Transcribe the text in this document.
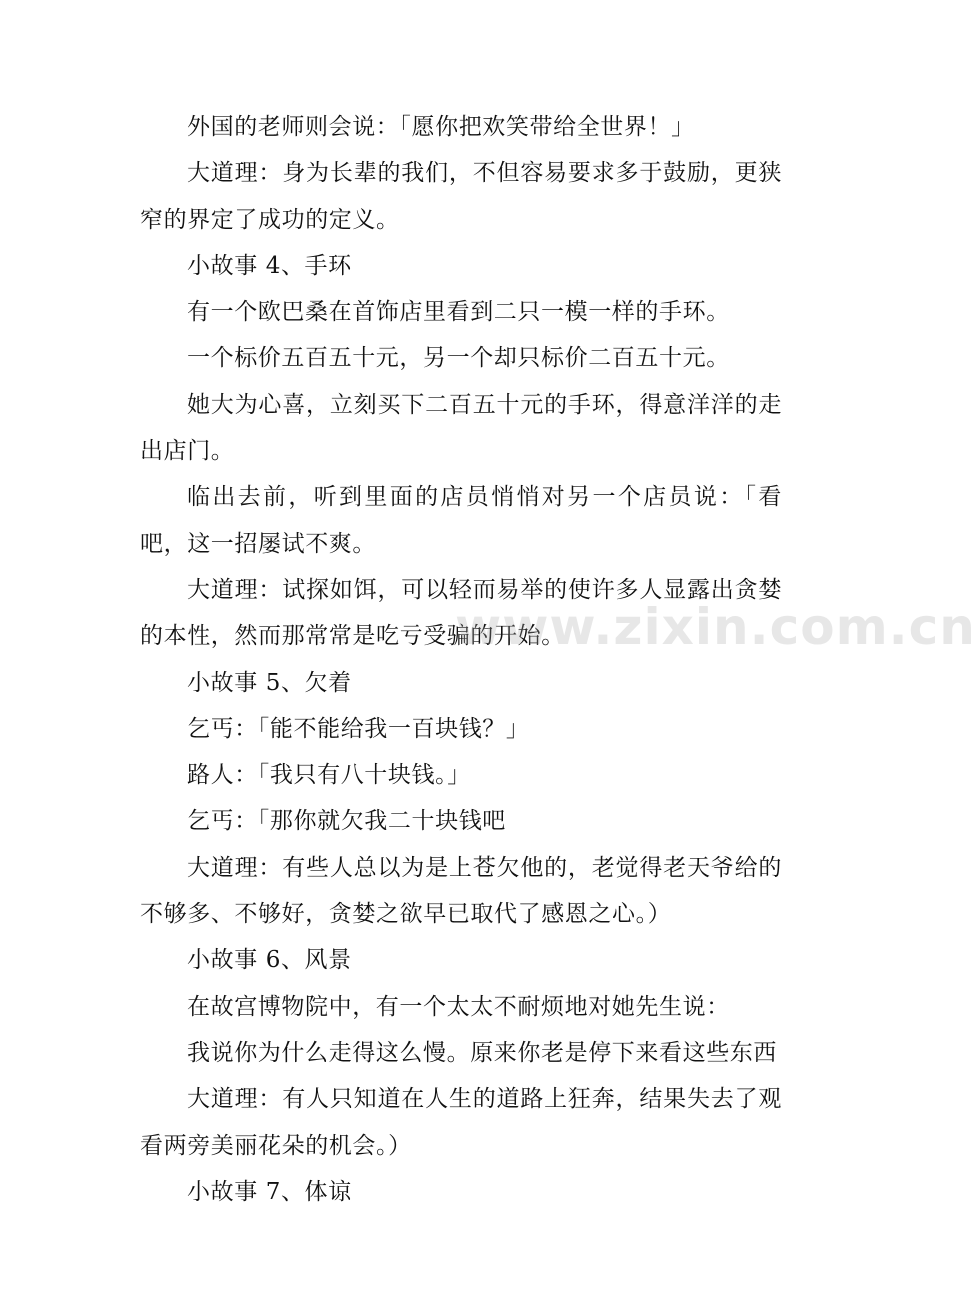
外国的老师则会说：「愿你把欢笑带给全世界！」

大道理：身为长辈的我们，不但容易要求多于鼓励，更狭窄的界定了成功的定义。

小故事 4、手环

有一个欧巴桑在首饰店里看到二只一模一样的手环。

一个标价五百五十元，另一个却只标价二百五十元。

她大为心喜，立刻买下二百五十元的手环，得意洋洋的走出店门。

临出去前，听到里面的店员悄悄对另一个店员说：「看吧，这一招屡试不爽。

大道理：试探如饵，可以轻而易举的使许多人显露出贪婪的本性，然而那常常是吃亏受骗的开始。

小故事 5、欠着

乞丐：「能不能给我一百块钱？」

路人：「我只有八十块钱。」

乞丐：「那你就欠我二十块钱吧

大道理：有些人总以为是上苍欠他的，老觉得老天爷给的不够多、不够好，贪婪之欲早已取代了感恩之心。）

小故事 6、风景

在故宫博物院中，有一个太太不耐烦地对她先生说：

我说你为什么走得这么慢。原来你老是停下来看这些东西

大道理：有人只知道在人生的道路上狂奔，结果失去了观看两旁美丽花朵的机会。）

小故事 7、体谅

www.zixin.com.cn
